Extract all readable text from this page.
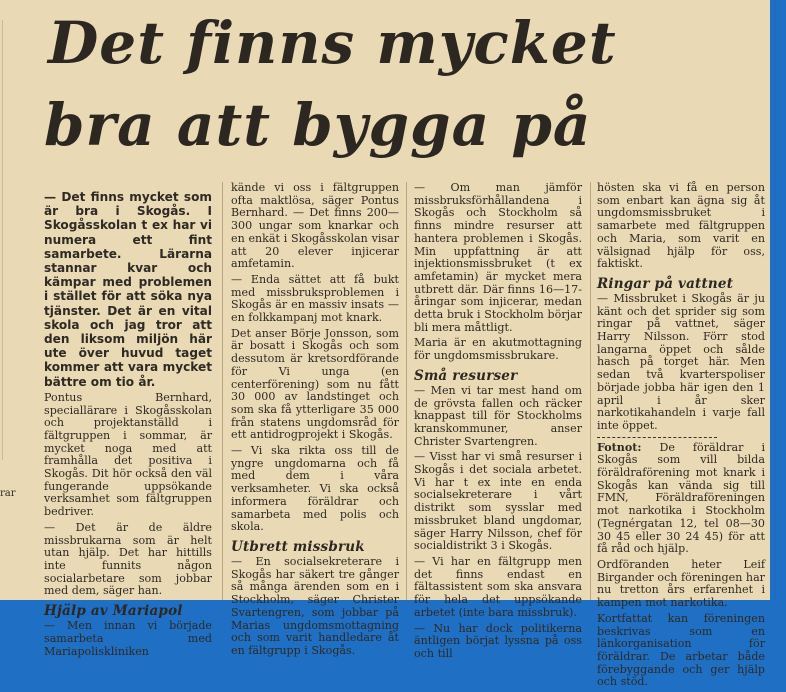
Det finns mycket
bra att bygga på
rar

— Det finns mycket som är bra i Skogås. I Skogåsskolan t ex har vi numera ett fint samarbete. Lärarna stannar kvar och kämpar med problemen i stället för att söka nya tjänster. Det är en vital skola och jag tror att den liksom miljön här ute över huvud taget kommer att vara mycket bättre om tio år.

Pontus Bernhard, speciallärare i Skogåsskolan och projektanställd i fältgruppen i sommar, är mycket noga med att framhålla det positiva i Skogås. Dit hör också den väl fungerande uppsökande verksamhet som fältgruppen bedriver.

— Det är de äldre missbrukarna som är helt utan hjälp. Det har hittills inte funnits någon socialarbetare som jobbar med dem, säger han.

Hjälp av Mariapol

— Men innan vi började samarbeta med Mariapoliskliniken

kände vi oss i fältgruppen ofta maktlösa, säger Pontus Bernhard. — Det finns 200—300 ungar som knarkar och en enkät i Skogåsskolan visar att 20 elever injicerar amfetamin.

— Enda sättet att få bukt med missbruksproblemen i Skogås är en massiv insats — en folkkampanj mot knark.

Det anser Börje Jonsson, som är bosatt i Skogås och som dessutom är kretsordförande för Vi unga (en centerförening) som nu fått 30 000 av landstinget och som ska få ytterligare 35 000 från statens ungdomsråd för ett antidrogprojekt i Skogås.

— Vi ska rikta oss till de yngre ungdomarna och få med dem i våra verksamheter. Vi ska också informera föräldrar och samarbeta med polis och skola.

Utbrett missbruk

— En socialsekreterare i Skogås har säkert tre gånger så många ärenden som en i Stockholm, säger Christer Svartengren, som jobbar på Marias ungdomsmottagning och som varit handledare åt en fältgrupp i Skogås.

— Om man jämför missbruksförhållandena i Skogås och Stockholm så finns mindre resurser att hantera problemen i Skogås. Min uppfattning är att injektionsmissbruket (t ex amfetamin) är mycket mera utbrett där. Där finns 16—17-åringar som injicerar, medan detta bruk i Stockholm börjar bli mera måttligt.

Maria är en akutmottagning för ungdomsmissbrukare.

Små resurser

— Men vi tar mest hand om de grövsta fallen och räcker knappast till för Stockholms kranskommuner, anser Christer Svartengren.

— Visst har vi små resurser i Skogås i det sociala arbetet. Vi har t ex inte en enda socialsekreterare i vårt distrikt som sysslar med missbruket bland ungdomar, säger Harry Nilsson, chef för socialdistrikt 3 i Skogås.

— Vi har en fältgrupp men det finns endast en fältassistent som ska ansvara för hela det uppsökande arbetet (inte bara missbruk).

— Nu har dock politikerna äntligen börjat lyssna på oss och till

hösten ska vi få en person som enbart kan ägna sig åt ungdomsmissbruket i samarbete med fältgruppen och Maria, som varit en välsignad hjälp för oss, faktiskt.

Ringar på vattnet

— Missbruket i Skogås är ju känt och det sprider sig som ringar på vattnet, säger Harry Nilsson. Förr stod langarna öppet och sålde hasch på torget här. Men sedan två kvarterspoliser började jobba här igen den 1 april i år sker narkotikahandeln i varje fall inte öppet.

Fotnot: De föräldrar i Skogås som vill bilda föräldraförening mot knark i Skogås kan vända sig till FMN, Föräldraföreningen mot narkotika i Stockholm (Tegnérgatan 12, tel 08—30 30 45 eller 30 24 45) för att få råd och hjälp.

Ordföranden heter Leif Birgander och föreningen har nu tretton års erfarenhet i kampen mot narkotika.

Kortfattat kan föreningen beskrivas som en länkorganisation för föräldrar. De arbetar både förebyggande och ger hjälp och stöd.
